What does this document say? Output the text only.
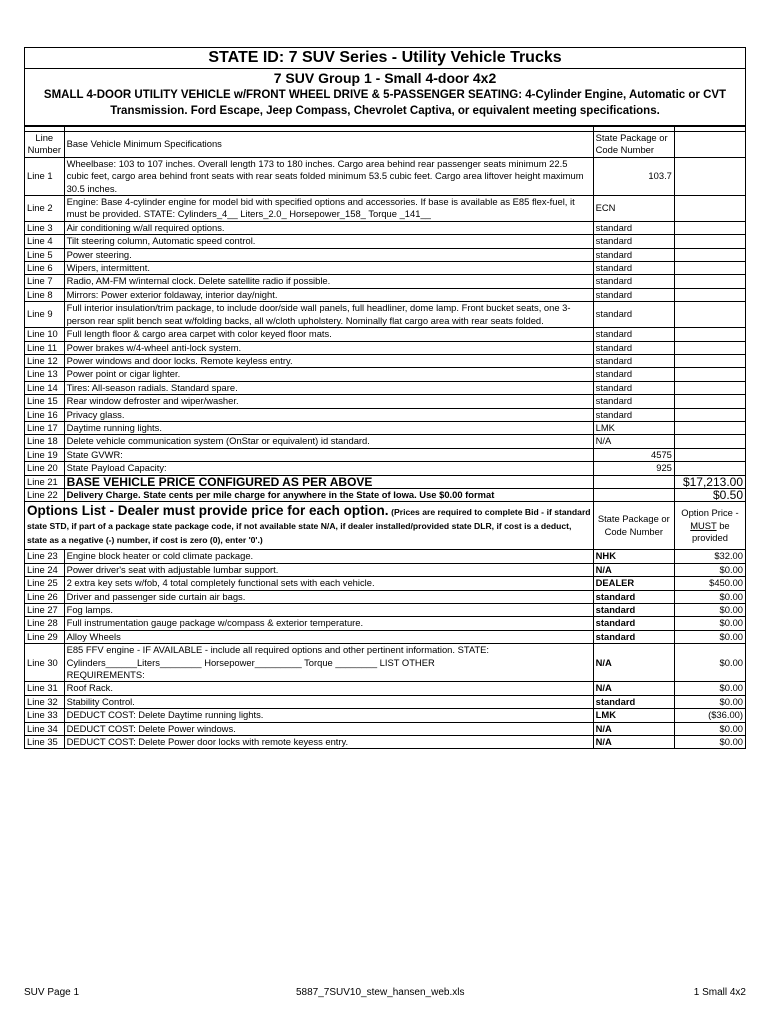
STATE ID: 7 SUV Series - Utility Vehicle Trucks
7 SUV Group 1 - Small 4-door 4x2
SMALL 4-DOOR UTILITY VEHICLE w/FRONT WHEEL DRIVE & 5-PASSENGER SEATING: 4-Cylinder Engine, Automatic or CVT Transmission. Ford Escape, Jeep Compass, Chevrolet Captiva, or equivalent meeting specifications.

Line Number	Base Vehicle Minimum Specifications	State Package or Code Number	
Line 1	Wheelbase: 103 to 107 inches. Overall length 173 to 180 inches. Cargo area behind rear passenger seats minimum 22.5 cubic feet, cargo area behind front seats with rear seats folded minimum 53.5 cubic feet. Cargo area liftover height maximum 30.5 inches.	103.7	
Line 2	Engine: Base 4-cylinder engine for model bid with specified options and accessories. If base is available as E85 flex-fuel, it must be provided. STATE: Cylinders_4__ Liters_2.0_ Horsepower_158_ Torque _141__	ECN	
Line 3	Air conditioning w/all required options.	standard	
Line 4	Tilt steering column, Automatic speed control.	standard	
Line 5	Power steering.	standard	
Line 6	Wipers, intermittent.	standard	
Line 7	Radio, AM-FM w/internal clock. Delete satellite radio if possible.	standard	
Line 8	Mirrors: Power exterior foldaway, interior day/night.	standard	
Line 9	Full interior insulation/trim package, to include door/side wall panels, full headliner, dome lamp. Front bucket seats, one 3-person rear split bench seat w/folding backs, all w/cloth upholstery. Nominally flat cargo area with rear seats folded.	standard	
Line 10	Full length floor & cargo area carpet with color keyed floor mats.	standard	
Line 11	Power brakes w/4-wheel anti-lock system.	standard	
Line 12	Power windows and door locks. Remote keyless entry.	standard	
Line 13	Power point or cigar lighter.	standard	
Line 14	Tires: All-season radials. Standard spare.	standard	
Line 15	Rear window defroster and wiper/washer.	standard	
Line 16	Privacy glass.	standard	
Line 17	Daytime running lights.	LMK	
Line 18	Delete vehicle communication system (OnStar or equivalent) id standard.	N/A	
Line 19	State GVWR:	4575	
Line 20	State Payload Capacity:	925	
Line 21	BASE VEHICLE PRICE CONFIGURED AS PER ABOVE		$17,213.00
Line 22	Delivery Charge. State cents per mile charge for anywhere in the State of Iowa. Use $0.00 format		$0.50
Options List - Dealer must provide price for each option. (Prices are required to complete Bid - if standard state STD, if part of a package state package code, if not available state N/A, if dealer installed/provided state DLR, if cost is a deduct, state as a negative (-) number, if cost is zero (0), enter '0'.)		State Package or Code Number	Option Price -
MUST be provided

Line 23	Engine block heater or cold climate package.	NHK	$32.00
Line 24	Power driver's seat with adjustable lumbar support.	N/A	$0.00
Line 25	2 extra key sets w/fob, 4 total completely functional sets with each vehicle.	DEALER	$450.00
Line 26	Driver and passenger side curtain air bags.	standard	$0.00
Line 27	Fog lamps.	standard	$0.00
Line 28	Full instrumentation gauge package w/compass & exterior temperature.	standard	$0.00
Line 29	Alloy Wheels	standard	$0.00
Line 30	E85 FFV engine - IF AVAILABLE - include all required options and other pertinent information. STATE:
Cylinders______Liters________ Horsepower_________ Torque ________ LIST OTHER
REQUIREMENTS:	N/A	$0.00
Line 31	Roof Rack.	N/A	$0.00
Line 32	Stability Control.	standard	$0.00
Line 33	DEDUCT COST: Delete Daytime running lights.	LMK	($36.00)
Line 34	DEDUCT COST: Delete Power windows.	N/A	$0.00
Line 35	DEDUCT COST: Delete Power door locks with remote keyess entry.	N/A	$0.00
SUV Page 1	5887_7SUV10_stew_hansen_web.xls	1 Small 4x2
